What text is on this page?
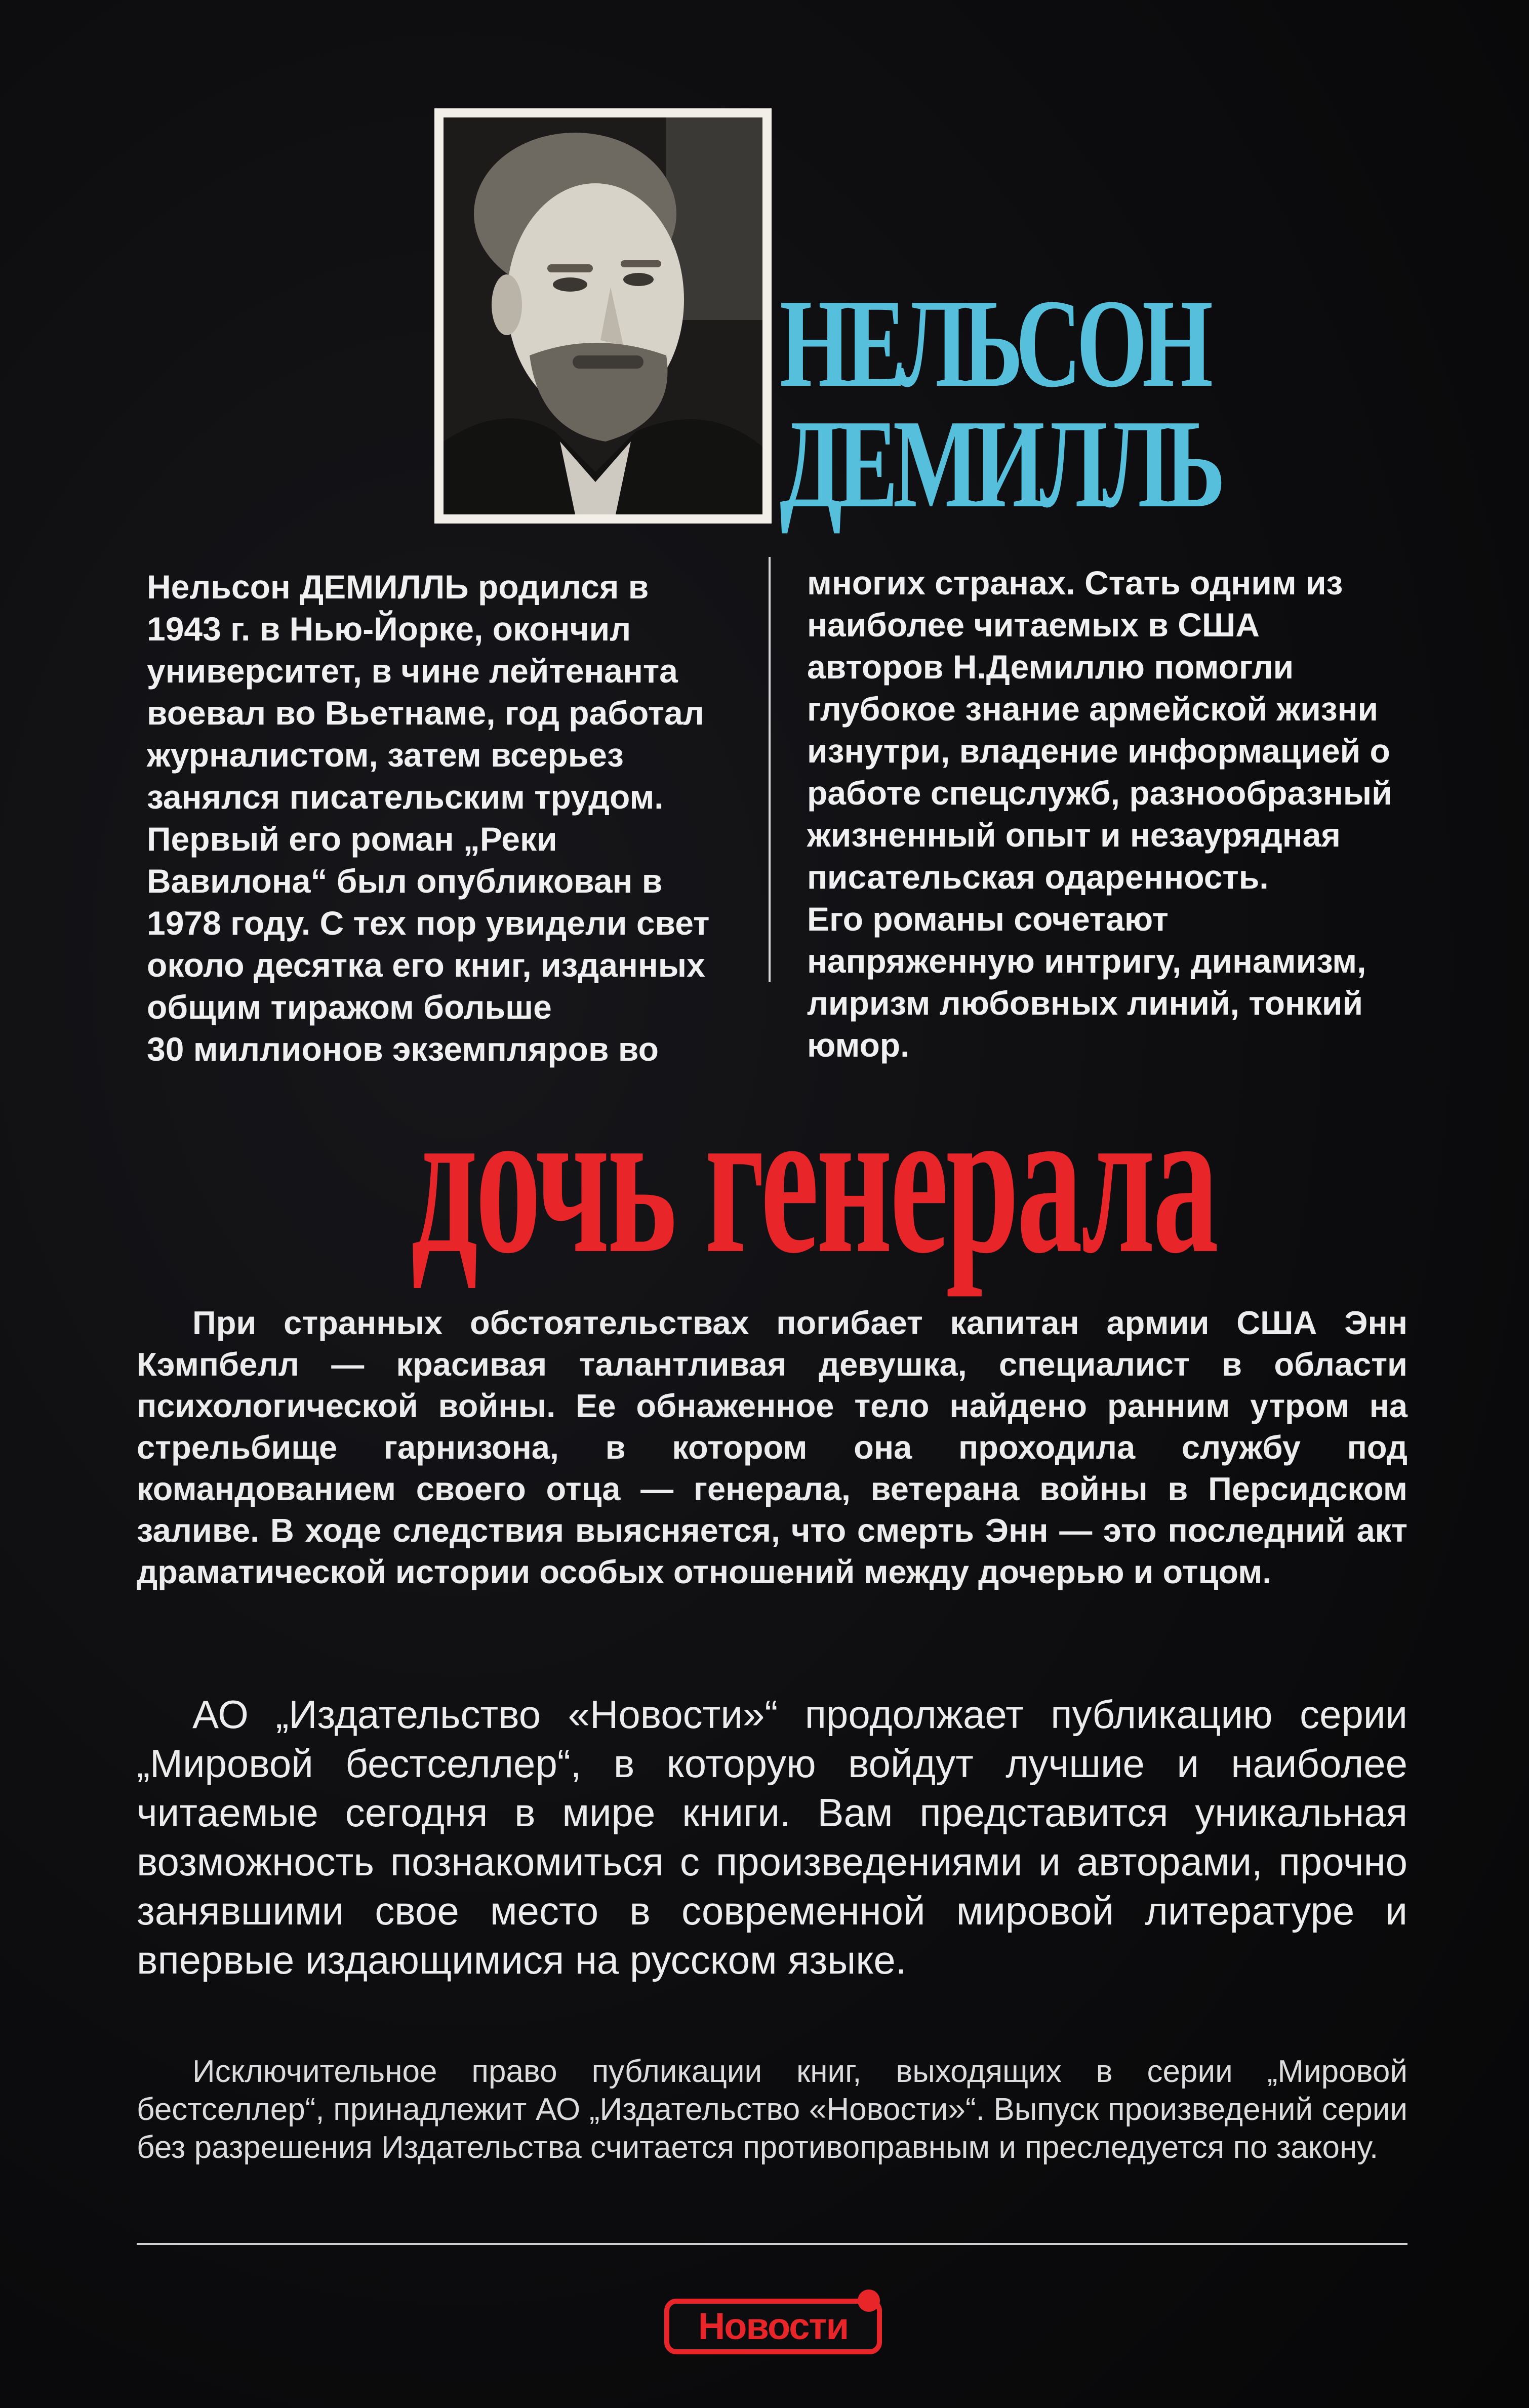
НЕЛЬСОН
ДЕМИЛЛЬ
Нельсон ДЕМИЛЛЬ родился в
1943 г. в Нью-Йорке, окончил
университет, в чине лейтенанта
воевал во Вьетнаме, год работал
журналистом, затем всерьез
занялся писательским трудом.
Первый его роман „Реки
Вавилона“ был опубликован в
1978 году. С тех пор увидели свет
около десятка его книг, изданных
общим тиражом больше
30 миллионов экземпляров во
многих странах. Стать одним из
наиболее читаемых в США
авторов Н.Демиллю помогли
глубокое знание армейской жизни
изнутри, владение информацией о
работе спецслужб, разнообразный
жизненный опыт и незаурядная
писательская одаренность.
Его романы сочетают
напряженную интригу, динамизм,
лиризм любовных линий, тонкий
юмор.
дочь генерала
При странных обстоятельствах погибает капитан армии США Энн Кэмпбелл — красивая талантливая девушка, специалист в области психологической войны. Ее обнаженное тело найдено ранним утром на стрельбище гарнизона, в котором она проходила службу под командованием своего отца — генерала, ветерана войны в Персидском заливе. В ходе следствия выясняется, что смерть Энн — это последний акт драматической истории особых отношений между дочерью и отцом.
АО „Издательство «Новости»“ продолжает публикацию серии „Мировой бестселлер“, в которую войдут лучшие и наиболее читаемые сегодня в мире книги. Вам представится уникальная возможность познакомиться с произведениями и авторами, прочно занявшими свое место в современной мировой литературе и впервые издающимися на русском языке.
Исключительное право публикации книг, выходящих в серии „Мировой бестселлер“, принадлежит АО „Издательство «Новости»“. Выпуск произведений серии без разрешения Издательства считается противоправным и преследуется по закону.
Новости
